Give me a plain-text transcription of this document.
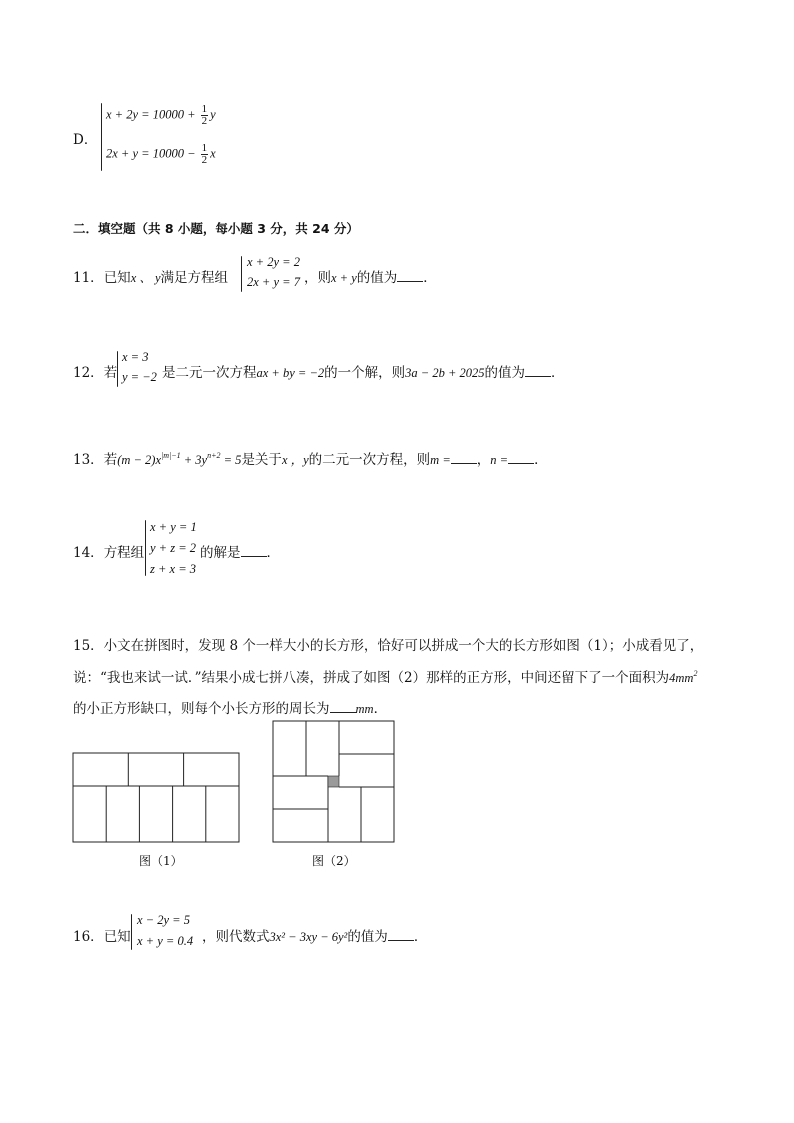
D．
$x + 2y = 10000 + \frac{1}{2}$ y
$2x + y = 10000 - \frac{1}{2}$ x
二．填空题（共 8 小题，每小题 3 分，共 24 分）
11．已知x 、 y满足方程组
x + 2y = 2
2x + y = 7 ，则x + y的值为 ．
12．若
x = 3
y = −2 是二元一次方程ax + by = −2的一个解，则3a − 2b + 2025的值为 ．
13．若$(m - 2)x^{|m|-1} + 3y^{n+2} = 5$是关于x ，y的二元一次方程，则m = ，n = ．
14．方程组
x + y = 1
y + z = 2
z + x = 3
的解是 ．
15．小文在拼图时，发现 8 个一样大小的长方形，恰好可以拼成一个大的长方形如图（1）；小成看见了，
说：“我也来试一试．”结果小成七拼八凑，拼成了如图（2）那样的正方形，中间还留下了一个面积为$4mm^2$
的小正方形缺口，则每个小长方形的周长为 mm．
图（1）	图（2）
16．已知
x − 2y = 5
x + y = 0.4 ，则代数式3x² − 3xy − 6y²的值为 ．
